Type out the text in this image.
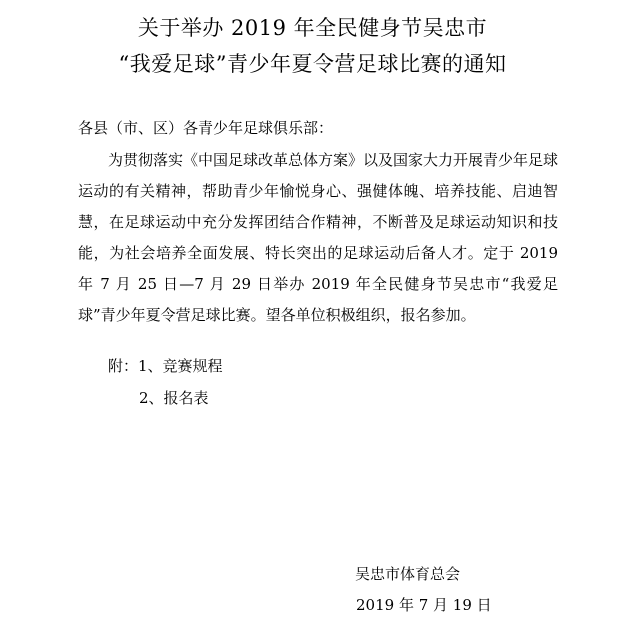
关于举办 2019 年全民健身节吴忠市
“我爱足球”青少年夏令营足球比赛的通知
各县（市、区）各青少年足球俱乐部：

为贯彻落实《中国足球改革总体方案》以及国家大力开展青少年足球运动的有关精神，帮助青少年愉悦身心、强健体魄、培养技能、启迪智慧，在足球运动中充分发挥团结合作精神，不断普及足球运动知识和技能，为社会培养全面发展、特长突出的足球运动后备人才。定于 2019 年 7 月 25 日—7 月 29 日举办 2019 年全民健身节吴忠市“我爱足球”青少年夏令营足球比赛。望各单位积极组织，报名参加。

附：1、竞赛规程
2、报名表
吴忠市体育总会
2019 年 7 月 19 日
